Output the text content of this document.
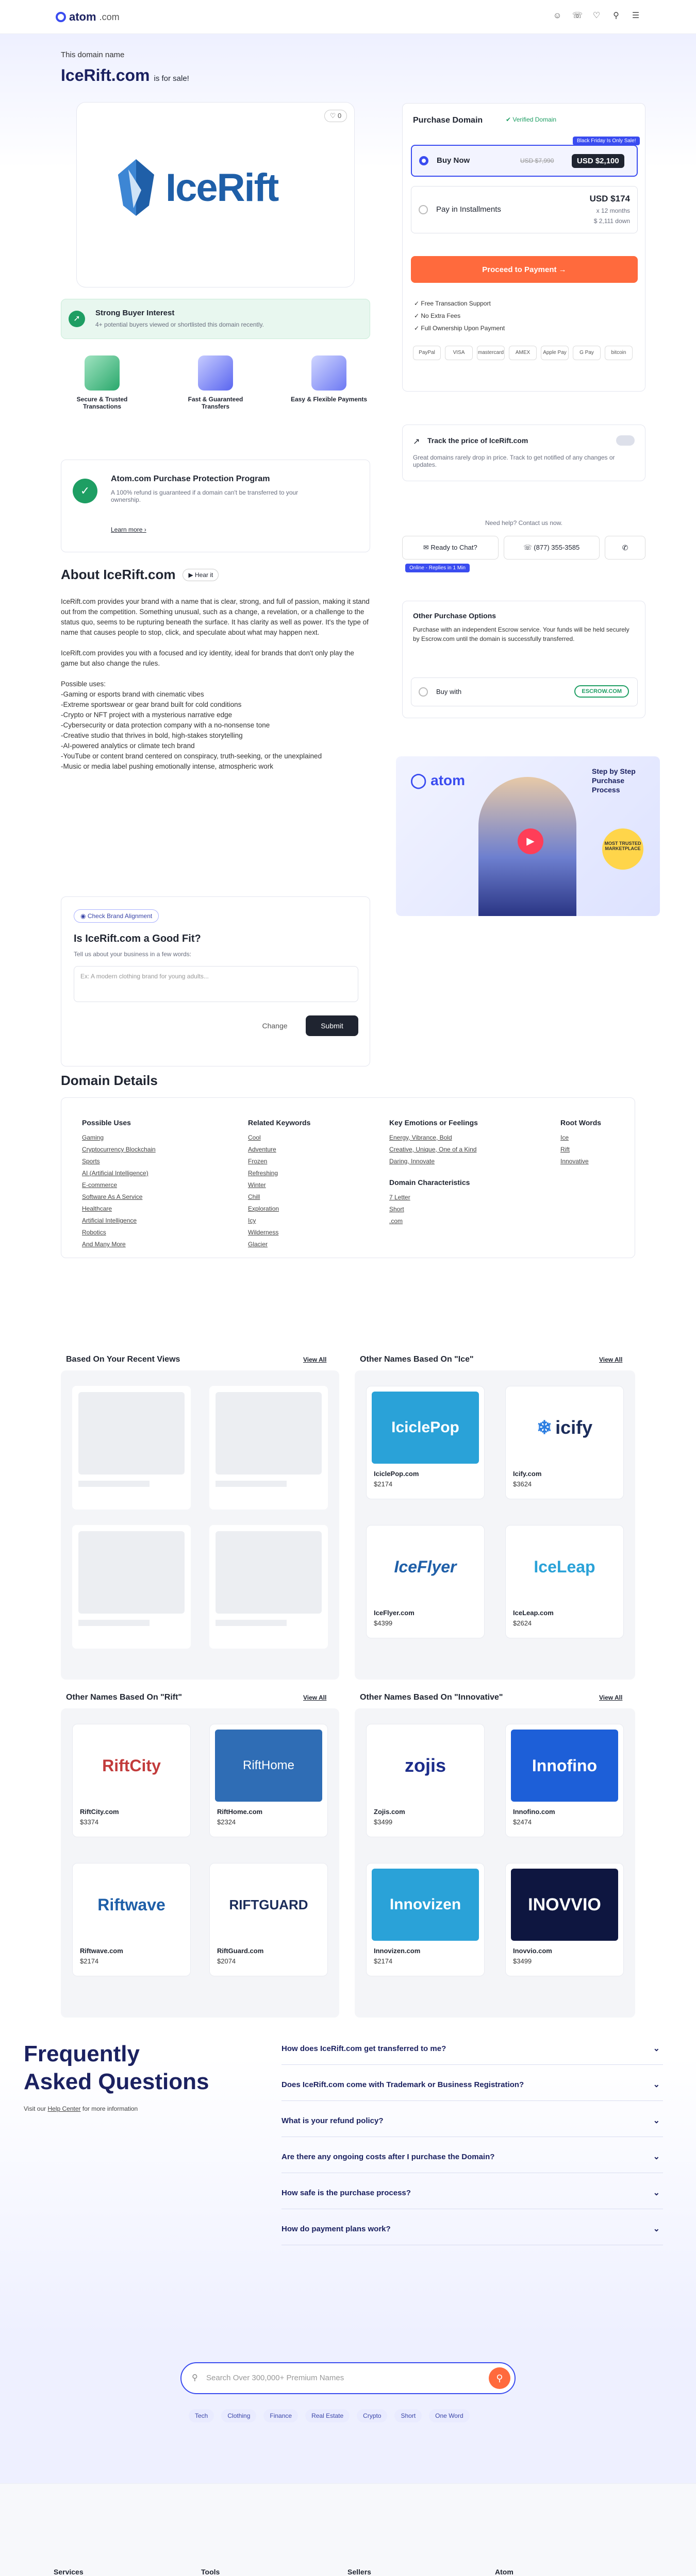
atom .com	☺ ☏ ♡ ⚲ ☰
This domain name
IceRift.com is for sale!
♡ 0
IceRift
➚
Strong Buyer Interest
4+ potential buyers viewed or shortlisted this domain recently.
Secure & Trusted Transactions
Fast & Guaranteed Transfers
Easy & Flexible Payments
✓
Atom.com Purchase Protection Program
A 100% refund is guaranteed if a domain can't be transferred to your ownership.
Learn more ›
About IceRift.com	▶ Hear it

IceRift.com provides your brand with a name that is clear, strong, and full of passion, making it stand out from the competition. Something unusual, such as a change, a revelation, or a challenge to the status quo, seems to be rupturing beneath the surface. It has clarity as well as power. It's the type of name that causes people to stop, click, and speculate about what may happen next.

IceRift.com provides you with a focused and icy identity, ideal for brands that don't only play the game but also change the rules.

Possible uses:

-Gaming or esports brand with cinematic vibes
-Extreme sportswear or gear brand built for cold conditions
-Crypto or NFT project with a mysterious narrative edge
-Cybersecurity or data protection company with a no-nonsense tone
-Creative studio that thrives in bold, high-stakes storytelling
-AI-powered analytics or climate tech brand
-YouTube or content brand centered on conspiracy, truth-seeking, or the unexplained
-Music or media label pushing emotionally intense, atmospheric work
◉ Check Brand Alignment
Is IceRift.com a Good Fit?
Tell us about your business in a few words:
Ex: A modern clothing brand for young adults...
Change	Submit
Purchase Domain	✔ Verified Domain
Black Friday Is Only Sale!
Buy Now	USD $7,990	USD $2,100
Pay in Installments
USD $174
x 12 months
$ 2,111 down
Proceed to Payment →
✓ Free Transaction Support
✓ No Extra Fees
✓ Full Ownership Upon Payment
PayPal	VISA	mastercard	AMEX	Apple Pay	G Pay	bitcoin
↗ Track the price of IceRift.com
Great domains rarely drop in price. Track to get notified of any changes or updates.
Need help? Contact us now.
✉ Ready to Chat?	☏ (877) 355-3585	✆
Online - Replies in 1 Min
Other Purchase Options
Purchase with an independent Escrow service. Your funds will be held securely by Escrow.com until the domain is successfully transferred.
Buy with	ESCROW.COM
◯ atom
▶
Step by Step Purchase Process
MOST TRUSTED MARKETPLACE
Domain Details
Possible Uses
Gaming
Cryptocurrency Blockchain
Sports
AI (Artificial Intelligence)
E-commerce
Software As A Service
Healthcare
Artificial Intelligence
Robotics
And Many More
Related Keywords
Cool
Adventure
Frozen
Refreshing
Winter
Chill
Exploration
Icy
Wilderness
Glacier
Key Emotions or Feelings
Energy, Vibrance, Bold
Creative, Unique, One of a Kind
Daring, Innovate
Domain Characteristics
7 Letter
Short
.com
Root Words
Ice
Rift
Innovative
Based On Your Recent Views	View All	Other Names Based On "Ice"	View All
IciclePop
IciclePop.com
$2174
❄ icify
Icify.com
$3624
IceFlyer
IceFlyer.com
$4399
IceLeap
IceLeap.com
$2624
Other Names Based On "Rift"	View All
RiftCity
RiftCity.com
$3374
RiftHome
RiftHome.com
$2324
Riftwave
Riftwave.com
$2174
RIFTGUARD
RiftGuard.com
$2074
Other Names Based On "Innovative"	View All
zojis
Zojis.com
$3499
Innofino
Innofino.com
$2474
Innovizen
Innovizen.com
$2174
INOVVIO
Inovvio.com
$3499
Frequently
Asked Questions
Visit our Help Center for more information
How does IceRift.com get transferred to me?	⌄
Does IceRift.com come with Trademark or Business Registration?	⌄
What is your refund policy?	⌄
Are there any ongoing costs after I purchase the Domain?	⌄
How safe is the purchase process?	⌄
How do payment plans work?	⌄
⚲ Search Over 300,000+ Premium Names	⚲
Tech	Clothing	Finance	Real Estate	Crypto	Short	One Word
Services	Tools	Sellers	Atom
